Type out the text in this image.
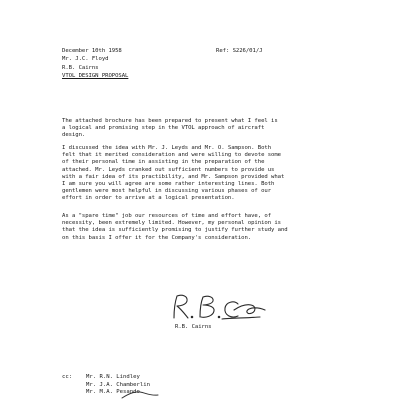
December 10th 1958	Ref: S226/01/J
Mr. J.C. Floyd
R.B. Cairns
VTOL DESIGN PROPOSAL
The attached brochure has been prepared to present what I feel is
a logical and promising step in the VTOL approach of aircraft
design.
I discussed the idea with Mr. J. Leyds and Mr. O. Sampson. Both
felt that it merited consideration and were willing to devote some
of their personal time in assisting in the preparation of the
attached. Mr. Leyds cranked out sufficient numbers to provide us
with a fair idea of its practibility, and Mr. Sampson provided what
I am sure you will agree are some rather interesting lines. Both
gentlemen were most helpful in discussing various phases of our
effort in order to arrive at a logical presentation.
As a "spare time" job our resources of time and effort have, of
necessity, been extremely limited. However, my personal opinion is
that the idea is sufficiently promising to justify further study and
on this basis I offer it for the Company's consideration.
R.B. Cairns
cc: Mr. R.N. Lindley
Mr. J.A. Chamberlin
Mr. M.A. Pesando
